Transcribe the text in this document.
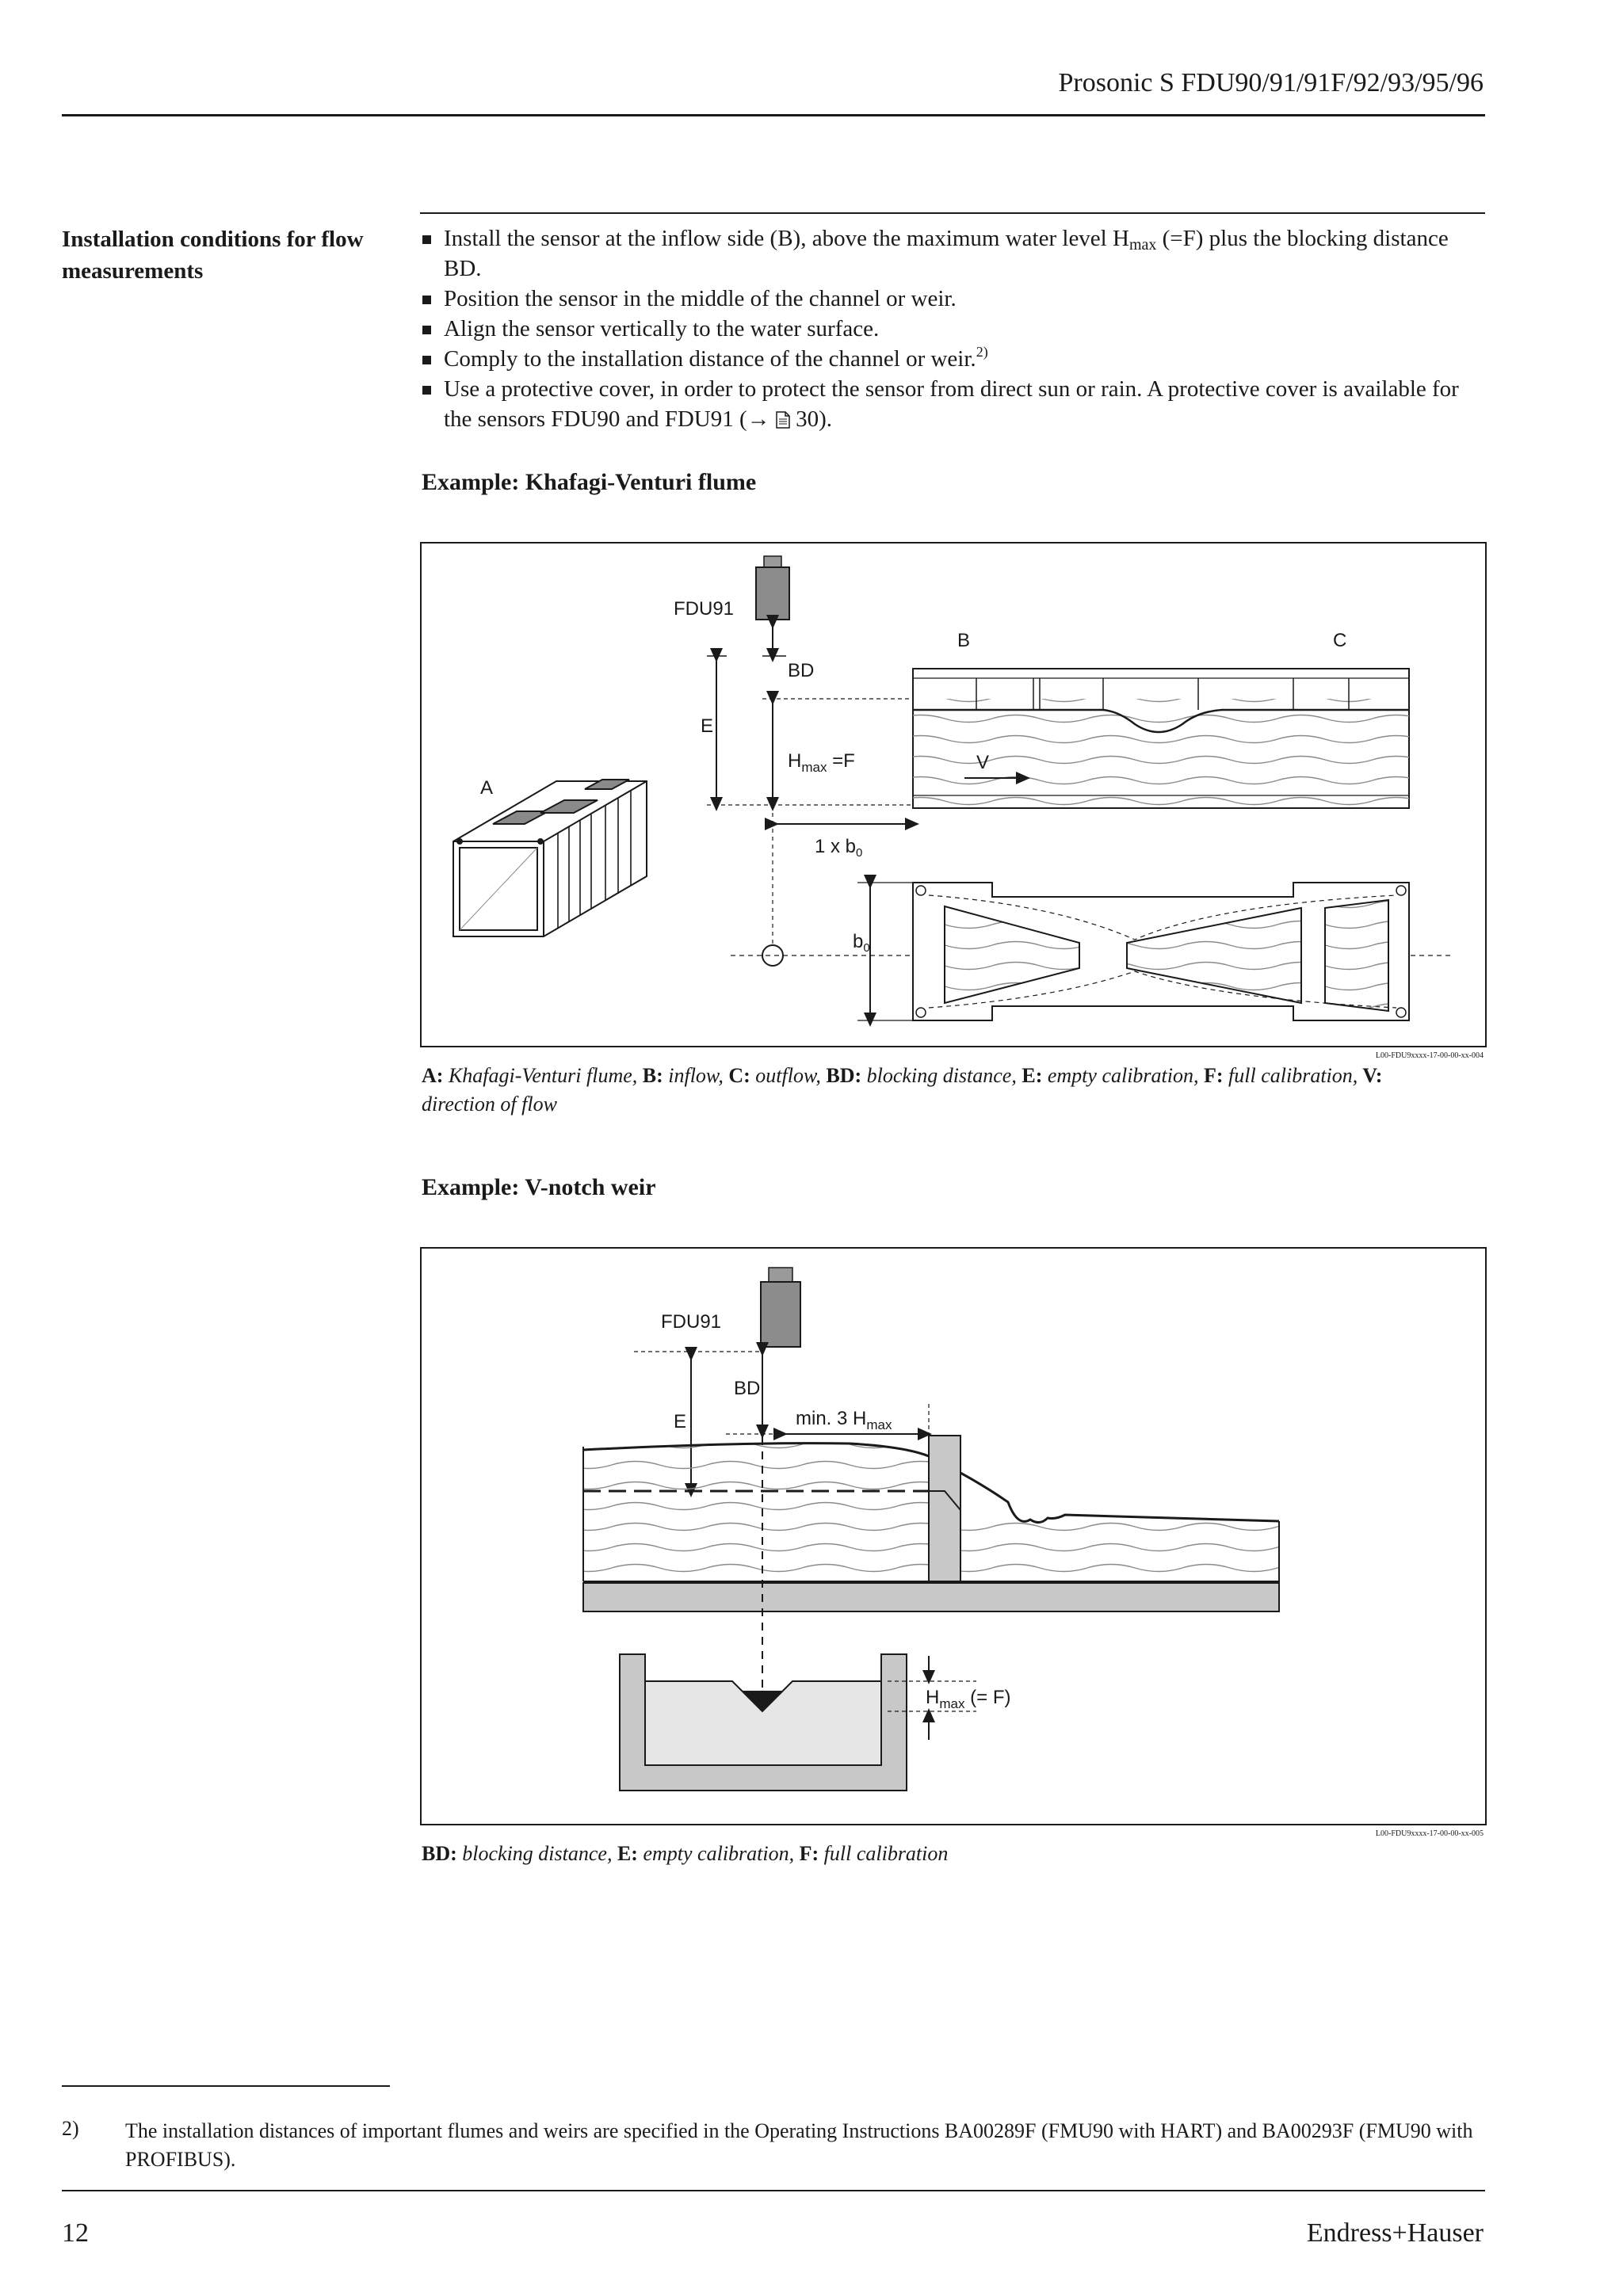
Prosonic S FDU90/91/91F/92/93/95/96
Installation conditions for flow measurements
Install the sensor at the inflow side (B), above the maximum water level $H_{max}$ (=F) plus the blocking distance BD.
Position the sensor in the middle of the channel or weir.
Align the sensor vertically to the water surface.
Comply to the installation distance of the channel or weir.$^{2)}$
Use a protective cover, in order to protect the sensor from direct sun or rain. A protective cover is available for the sensors FDU90 and FDU91 (→  30).
Example: Khafagi-Venturi flume
FDU91
BD
E
$H_{max} =F$
B	C
V
1 x $b_0$
$b_0$
A
L00-FDU9xxxx-17-00-00-xx-004
A: Khafagi-Venturi flume, B: inflow, C: outflow, BD: blocking distance, E: empty calibration, F: full calibration, V:
direction of flow
Example: V-notch weir
FDU91
E
BD
min. 3 $H_{max}$
$H_{max}$ (= F)
L00-FDU9xxxx-17-00-00-xx-005
BD: blocking distance, E: empty calibration, F: full calibration
2) The installation distances of important flumes and weirs are specified in the Operating Instructions BA00289F (FMU90 with HART) and BA00293F (FMU90 with PROFIBUS).
12	Endress+Hauser
